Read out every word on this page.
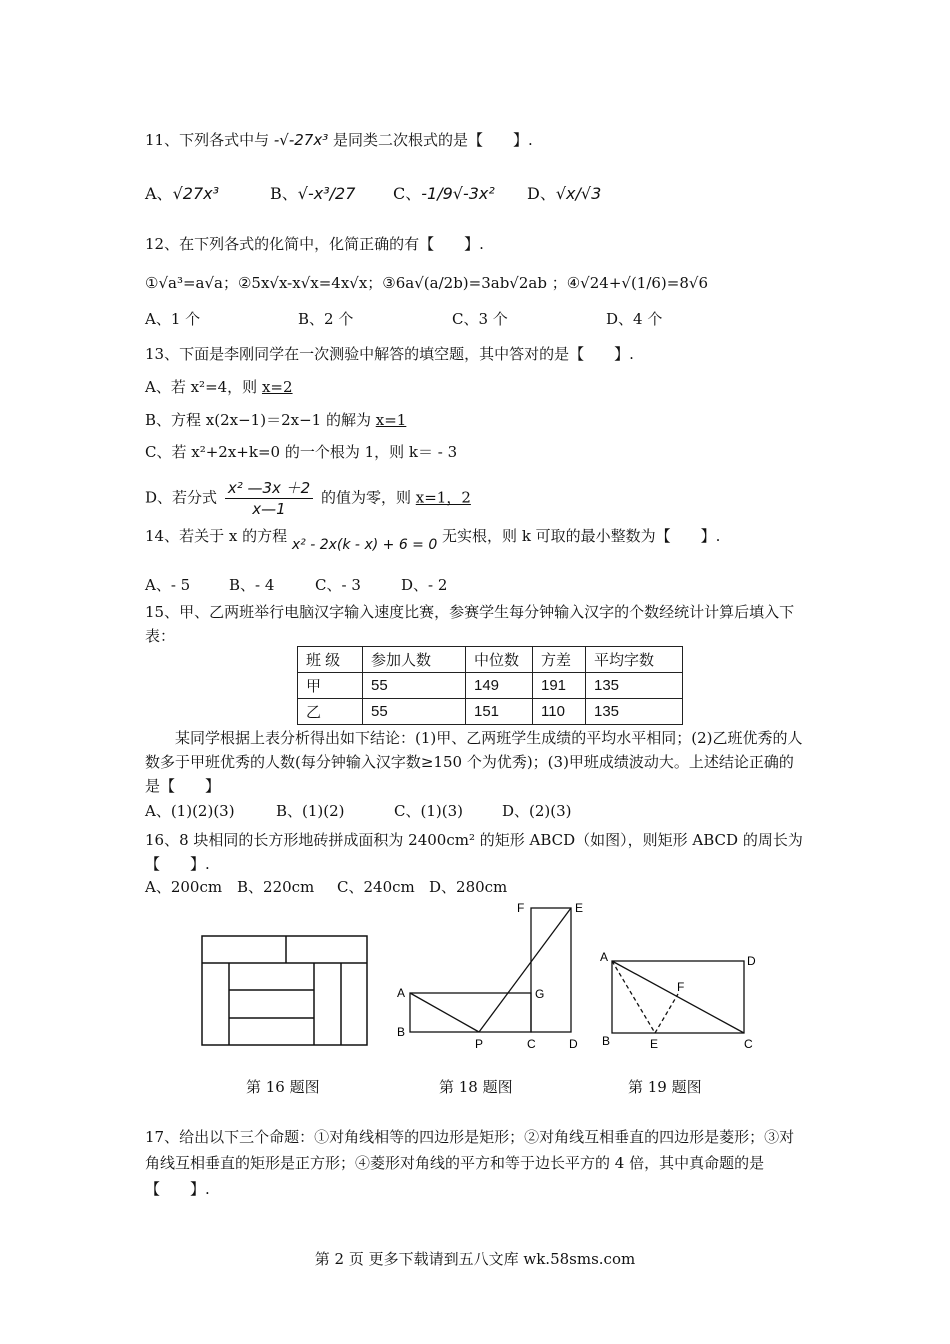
11、下列各式中与 -√-27x³ 是同类二次根式的是【　　】.
A、√27x³	B、√-x³/27 C、-1/9√-3x² D、√x/√3
12、在下列各式的化简中，化简正确的有【　　】.
①√a³=a√a；②5x√x-x√x=4x√x；③6a√(a/2b)=3ab√2ab ；④√24+√(1/6)=8√6
A、1 个	B、2 个	C、3 个	D、4 个
13、下面是李刚同学在一次测验中解答的填空题，其中答对的是【　　】.
A、若 x²=4，则 x=2
B、方程 x(2x−1)＝2x−1 的解为 x=1
C、若 x²+2x+k=0 的一个根为 1，则 k＝ - 3
D、若分式 $\frac{\text{x² —3x ＋2}}{x—1}$ 的值为零，则 x=1，2
14、若关于 x 的方程 x² - 2x(k - x) + 6 = 0 无实根，则 k 可取的最小整数为【　　】.
A、- 5	B、- 4	C、- 3	D、- 2
15、甲、乙两班举行电脑汉字输入速度比赛，参赛学生每分钟输入汉字的个数经统计计算后填入下表：
班 级	参加人数	中位数	方差	平均字数
甲	55	149	191	135
乙	55	151	110	135
某同学根据上表分析得出如下结论：(1)甲、乙两班学生成绩的平均水平相同；(2)乙班优秀的人数多于甲班优秀的人数(每分钟输入汉字数≥150 个为优秀)；(3)甲班成绩波动大。上述结论正确的是【　　】
A、(1)(2)(3)	B、(1)(2)	C、(1)(3)	D、(2)(3)
16、8 块相同的长方形地砖拼成面积为 2400cm² 的矩形 ABCD（如图），则矩形 ABCD 的周长为【　　】.
A、200cm B、220cm C、240cm D、280cm
F	E
A	G
B
P	C	D
A	D
F
B	E	C
第 16 题图	第 18 题图	第 19 题图
17、给出以下三个命题：①对角线相等的四边形是矩形；②对角线互相垂直的四边形是菱形；③对角线互相垂直的矩形是正方形；④菱形对角线的平方和等于边长平方的 4 倍，其中真命题的是【　　】.
第 2 页 更多下载请到五八文库 wk.58sms.com
